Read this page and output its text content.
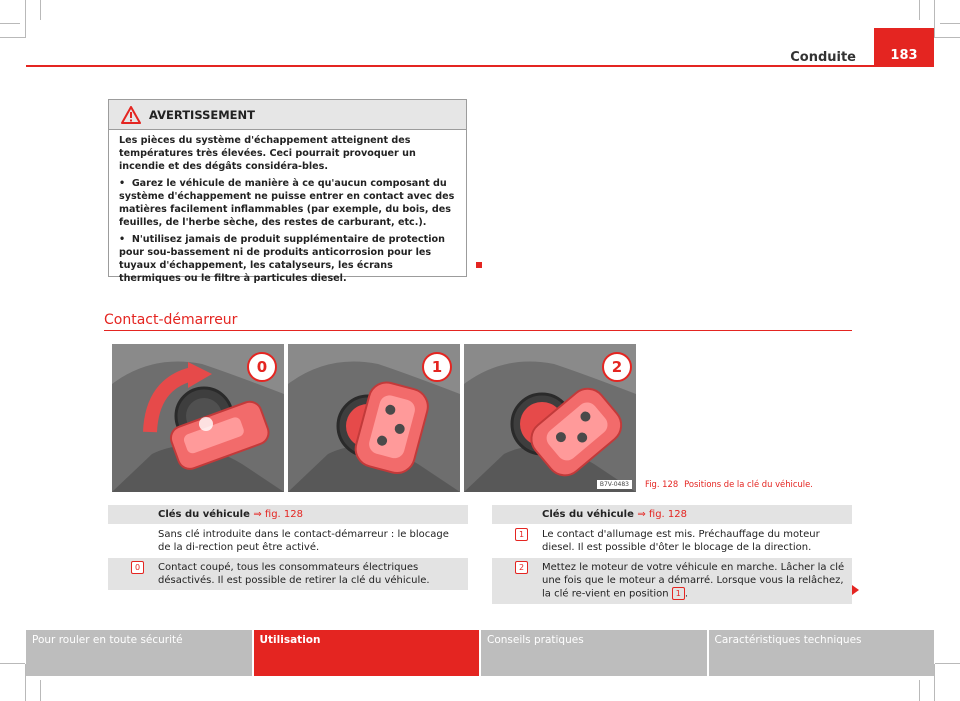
Conduite	183
AVERTISSEMENT

Les pièces du système d'échappement atteignent des températures très élevées. Ceci pourrait provoquer un incendie et des dégâts considéra-bles.

•  Garez le véhicule de manière à ce qu'aucun composant du système d'échappement ne puisse entrer en contact avec des matières facilement inflammables (par exemple, du bois, des feuilles, de l'herbe sèche, des restes de carburant, etc.).

•  N'utilisez jamais de produit supplémentaire de protection pour sou-bassement ni de produits anticorrosion pour les tuyaux d'échappement, les catalyseurs, les écrans thermiques ou le filtre à particules diesel.

Contact-démarreur
0	1	2
B7V-0483	Fig. 128 Positions de la clé du véhicule.
Clés du véhicule ⇒ fig. 128
Sans clé introduite dans le contact-démarreur : le blocage de la di-rection peut être activé.
0	Contact coupé, tous les consommateurs électriques désactivés. Il est possible de retirer la clé du véhicule.
Clés du véhicule ⇒ fig. 128
1	Le contact d'allumage est mis. Préchauffage du moteur diesel. Il est possible d'ôter le blocage de la direction.
2	Mettez le moteur de votre véhicule en marche. Lâcher la clé une fois que le moteur a démarré. Lorsque vous la relâchez, la clé re-vient en position 1 .
Pour rouler en toute sécurité	Utilisation	Conseils pratiques	Caractéristiques techniques
